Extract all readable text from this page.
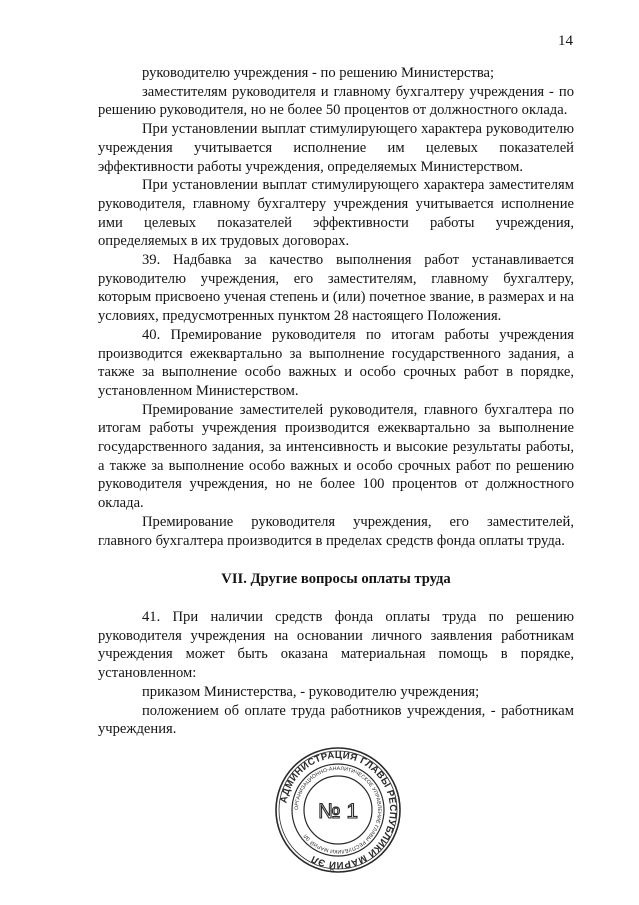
14

руководителю учреждения - по решению Министерства;

заместителям руководителя и главному бухгалтеру учреждения - по решению руководителя, но не более 50 процентов от должностного оклада.

При установлении выплат стимулирующего характера руководителю учреждения учитывается исполнение им целевых показателей эффективности работы учреждения, определяемых Министерством.

При установлении выплат стимулирующего характера заместителям руководителя, главному бухгалтеру учреждения учитывается исполнение ими целевых показателей эффективности работы учреждения, определяемых в их трудовых договорах.

39. Надбавка за качество выполнения работ устанавливается руководителю учреждения, его заместителям, главному бухгалтеру, которым присвоено ученая степень и (или) почетное звание, в размерах и на условиях, предусмотренных пунктом 28 настоящего Положения.

40. Премирование руководителя по итогам работы учреждения производится ежеквартально за выполнение государственного задания, а также за выполнение особо важных и особо срочных работ в порядке, установленном Министерством.

Премирование заместителей руководителя, главного бухгалтера по итогам работы учреждения производится ежеквартально за выполнение государственного задания, за интенсивность и высокие результаты работы, а также за выполнение особо важных и особо срочных работ по решению руководителя учреждения, но не более 100 процентов от должностного оклада.

Премирование руководителя учреждения, его заместителей, главного бухгалтера производится в пределах средств фонда оплаты труда.

VII. Другие вопросы оплаты труда

41. При наличии средств фонда оплаты труда по решению руководителя учреждения на основании личного заявления работникам учреждения может быть оказана материальная помощь в порядке, установленном:

приказом Министерства, - руководителю учреждения;

положением об оплате труда работников учреждения, - работникам учреждения.

АДМИНИСТРАЦИЯ ГЛАВЫ РЕСПУБЛИКИ МАРИЙ ЭЛ
ОРГАНИЗАЦИОННО-АНАЛИТИЧЕСКОЕ УПРАВЛЕНИЕ ГЛАВЫ РЕСПУБЛИКИ МАРИЙ ЭЛ
№ 1
